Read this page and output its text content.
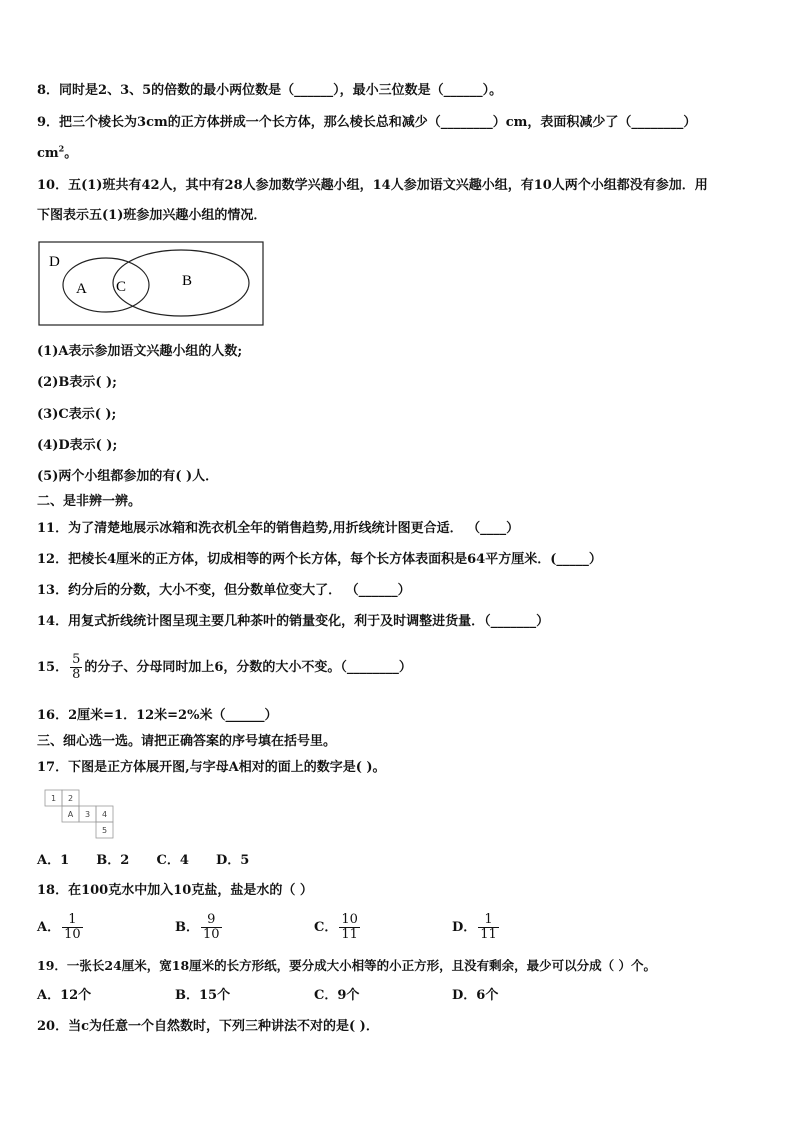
8．同时是2、3、5的倍数的最小两位数是（______），最小三位数是（______）。
9．把三个棱长为3cm的正方体拼成一个长方体，那么棱长总和减少（________）cm，表面积减少了（________）
$cm^2$。
10．五(1)班共有42人，其中有28人参加数学兴趣小组，14人参加语文兴趣小组，有10人两个小组都没有参加．用
下图表示五(1)班参加兴趣小组的情况．
D
A C	B
(1)A表示参加语文兴趣小组的人数;
(2)B表示( );
(3)C表示( );
(4)D表示( );
(5)两个小组都参加的有( )人．
二、是非辨一辨。
11．为了清楚地展示冰箱和洗衣机全年的销售趋势,用折线统计图更合适． （____）
12．把棱长4厘米的正方体，切成相等的两个长方体，每个长方体表面积是64平方厘米．(_____）
13．约分后的分数，大小不变，但分数单位变大了． （______）
14．用复式折线统计图呈现主要几种茶叶的销量变化，利于及时调整进货量．（_______）
15． $\frac{5}{8}$ 的分子、分母同时加上6，分数的大小不变。（________）
16．2厘米=1．12米=2%米（______）
三、细心选一选。请把正确答案的序号填在括号里。
17．下图是正方体展开图,与字母A相对的面上的数字是( )。
1 2
A 3 4
5
A．1      B．2      C．4      D．5
18．在100克水中加入10克盐，盐是水的（ ）
A． $\frac{1}{10}$	B． $\frac{9}{10}$	C． $\frac{10}{11}$	D． $\frac{1}{11}$
19．一张长24厘米，宽18厘米的长方形纸，要分成大小相等的小正方形，且没有剩余，最少可以分成（ ）个。
A．12个	B．15个	C．9个	D．6个
20．当c为任意一个自然数时，下列三种讲法不对的是( )．
